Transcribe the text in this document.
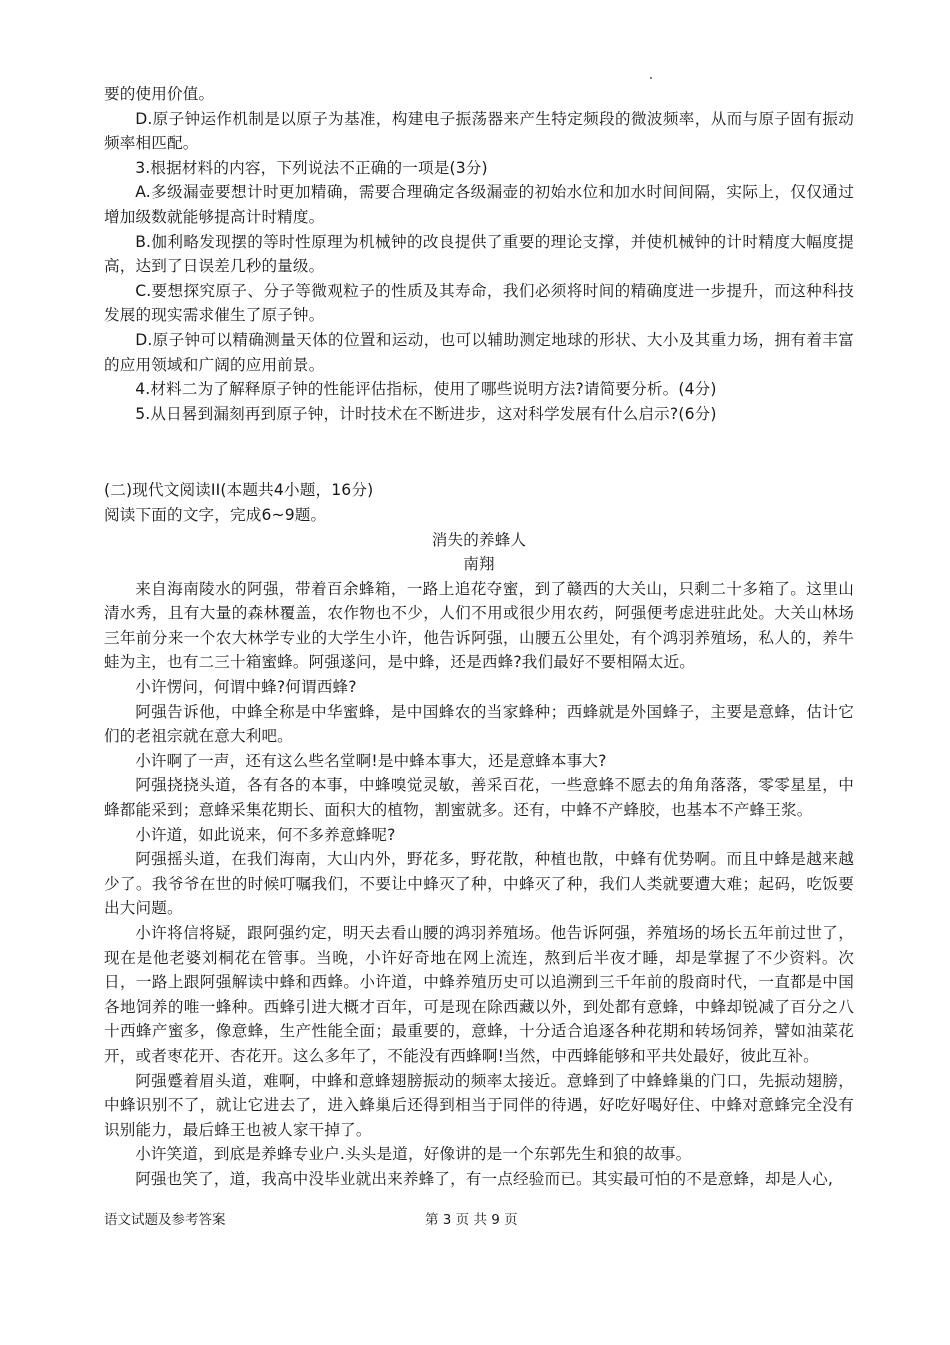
要的使用价值。

D.原子钟运作机制是以原子为基准，构建电子振荡器来产生特定频段的微波频率，从而与原子固有振动频率相匹配。

3.根据材料的内容，下列说法不正确的一项是(3分)

A.多级漏壶要想计时更加精确，需要合理确定各级漏壶的初始水位和加水时间间隔，实际上，仅仅通过增加级数就能够提高计时精度。

B.伽利略发现摆的等时性原理为机械钟的改良提供了重要的理论支撑，并使机械钟的计时精度大幅度提高，达到了日误差几秒的量级。

C.要想探究原子、分子等微观粒子的性质及其寿命，我们必须将时间的精确度进一步提升，而这种科技发展的现实需求催生了原子钟。

D.原子钟可以精确测量天体的位置和运动，也可以辅助测定地球的形状、大小及其重力场，拥有着丰富的应用领域和广阔的应用前景。

4.材料二为了解释原子钟的性能评估指标，使用了哪些说明方法?请简要分析。(4分)

5.从日晷到漏刻再到原子钟，计时技术在不断进步，这对科学发展有什么启示?(6分)

(二)现代文阅读II(本题共4小题，16分)

阅读下面的文字，完成6~9题。

消失的养蜂人

南翔

来自海南陵水的阿强，带着百余蜂箱，一路上追花夺蜜，到了赣西的大关山，只剩二十多箱了。这里山清水秀，且有大量的森林覆盖，农作物也不少，人们不用或很少用农药，阿强便考虑进驻此处。大关山林场三年前分来一个农大林学专业的大学生小许，他告诉阿强，山腰五公里处，有个鸿羽养殖场，私人的，养牛蛙为主，也有二三十箱蜜蜂。阿强遂问，是中蜂，还是西蜂?我们最好不要相隔太近。

小许愣问，何谓中蜂?何谓西蜂?

阿强告诉他，中蜂全称是中华蜜蜂，是中国蜂农的当家蜂种；西蜂就是外国蜂子，主要是意蜂，估计它们的老祖宗就在意大利吧。

小许啊了一声，还有这么些名堂啊!是中蜂本事大，还是意蜂本事大?

阿强挠挠头道，各有各的本事，中蜂嗅觉灵敏，善采百花，一些意蜂不愿去的角角落落，零零星星，中蜂都能采到；意蜂采集花期长、面积大的植物，割蜜就多。还有，中蜂不产蜂胶，也基本不产蜂王浆。

小许道，如此说来，何不多养意蜂呢?

阿强摇头道，在我们海南，大山内外，野花多，野花散，种植也散，中蜂有优势啊。而且中蜂是越来越少了。我爷爷在世的时候叮嘱我们，不要让中蜂灭了种，中蜂灭了种，我们人类就要遭大难；起码，吃饭要出大问题。

小许将信将疑，跟阿强约定，明天去看山腰的鸿羽养殖场。他告诉阿强，养殖场的场长五年前过世了，现在是他老婆刘桐花在管事。当晚，小许好奇地在网上流连，熬到后半夜才睡，却是掌握了不少资料。次日，一路上跟阿强解读中蜂和西蜂。小许道，中蜂养殖历史可以追溯到三千年前的殷商时代，一直都是中国各地饲养的唯一蜂种。西蜂引进大概才百年，可是现在除西藏以外，到处都有意蜂，中蜂却锐减了百分之八十西蜂产蜜多，像意蜂，生产性能全面；最重要的，意蜂，十分适合追逐各种花期和转场饲养，譬如油菜花开，或者枣花开、杏花开。这么多年了，不能没有西蜂啊!当然，中西蜂能够和平共处最好，彼此互补。

阿强蹙着眉头道，难啊，中蜂和意蜂翅膀振动的频率太接近。意蜂到了中蜂蜂巢的门口，先振动翅膀，中蜂识别不了，就让它进去了，进入蜂巢后还得到相当于同伴的待遇，好吃好喝好住、中蜂对意蜂完全没有识别能力，最后蜂王也被人家干掉了。

小许笑道，到底是养蜂专业户.头头是道，好像讲的是一个东郭先生和狼的故事。

阿强也笑了，道，我高中没毕业就出来养蜂了，有一点经验而已。其实最可怕的不是意蜂，却是人心,

语文试题及参考答案	第 3 页 共 9 页
